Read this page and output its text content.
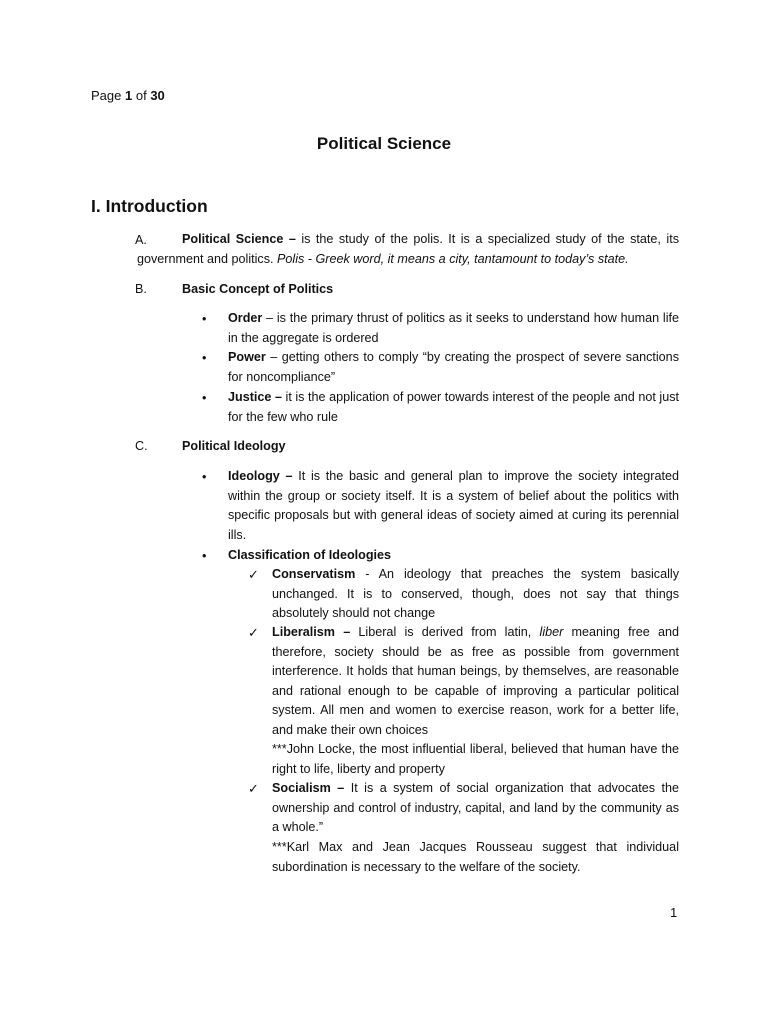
Page 1 of 30
Political Science
I. Introduction
A.	Political Science – is the study of the polis. It is a specialized study of the state, its government and politics. Polis - Greek word, it means a city, tantamount to today’s state.

B.	Basic Concept of Politics
• Order – is the primary thrust of politics as it seeks to understand how human life in the aggregate is ordered

• Power – getting others to comply “by creating the prospect of severe sanctions for noncompliance”

• Justice – it is the application of power towards interest of the people and not just for the few who rule

C.	Political Ideology
• Ideology – It is the basic and general plan to improve the society integrated within the group or society itself. It is a system of belief about the politics with specific proposals but with general ideas of society aimed at curing its perennial ills.

• Classification of Ideologies
✓ Conservatism - An ideology that preaches the system basically unchanged. It is to conserved, though, does not say that things absolutely should not change

✓ Liberalism – Liberal is derived from latin, liber meaning free and therefore, society should be as free as possible from government interference. It holds that human beings, by themselves, are reasonable and rational enough to be capable of improving a particular political system. All men and women to exercise reason, work for a better life, and make their own choices

***John Locke, the most influential liberal, believed that human have the right to life, liberty and property

✓ Socialism – It is a system of social organization that advocates the ownership and control of industry, capital, and land by the community as a whole.”

***Karl Max and Jean Jacques Rousseau suggest that individual subordination is necessary to the welfare of the society.

1
